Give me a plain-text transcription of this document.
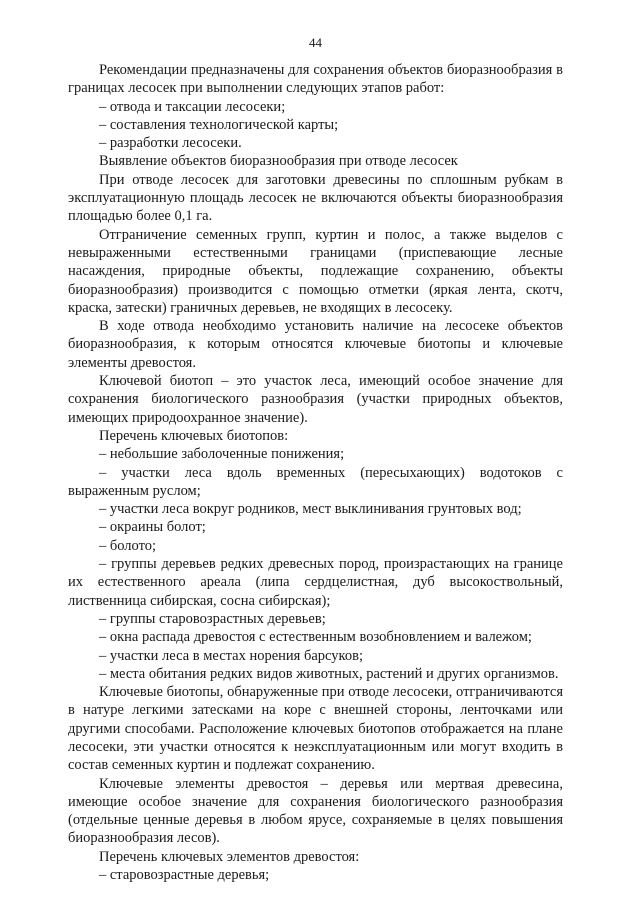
44

Рекомендации предназначены для сохранения объектов биоразнообразия в границах лесосек при выполнении следующих этапов работ:

– отвода и таксации лесосеки;

– составления технологической карты;

– разработки лесосеки.

Выявление объектов биоразнообразия при отводе лесосек

При отводе лесосек для заготовки древесины по сплошным рубкам в эксплуатационную площадь лесосек не включаются объекты биоразнообразия площадью более 0,1 га.

Отграничение семенных групп, куртин и полос, а также выделов с невыраженными естественными границами (приспевающие лесные насаждения, природные объекты, подлежащие сохранению, объекты биоразнообразия) производится с помощью отметки (яркая лента, скотч, краска, затески) граничных деревьев, не входящих в лесосеку.

В ходе отвода необходимо установить наличие на лесосеке объектов биоразнообразия, к которым относятся ключевые биотопы и ключевые элементы древостоя.

Ключевой биотоп – это участок леса, имеющий особое значение для сохранения биологического разнообразия (участки природных объектов, имеющих природоохранное значение).

Перечень ключевых биотопов:

– небольшие заболоченные понижения;

– участки леса вдоль временных (пересыхающих) водотоков с выраженным руслом;

– участки леса вокруг родников, мест выклинивания грунтовых вод;

– окраины болот;

– болото;

– группы деревьев редких древесных пород, произрастающих на границе их естественного ареала (липа сердцелистная, дуб высокоствольный, лиственница сибирская, сосна сибирская);

– группы старовозрастных деревьев;

– окна распада древостоя с естественным возобновлением и валежом;

– участки леса в местах норения барсуков;

– места обитания редких видов животных, растений и других организмов.

Ключевые биотопы, обнаруженные при отводе лесосеки, отграничиваются в натуре легкими затесками на коре с внешней стороны, ленточками или другими способами. Расположение ключевых биотопов отображается на плане лесосеки, эти участки относятся к неэксплуатационным или могут входить в состав семенных куртин и подлежат сохранению.

Ключевые элементы древостоя – деревья или мертвая древесина, имеющие особое значение для сохранения биологического разнообразия (отдельные ценные деревья в любом ярусе, сохраняемые в целях повышения биоразнообразия лесов).

Перечень ключевых элементов древостоя:

– старовозрастные деревья;
